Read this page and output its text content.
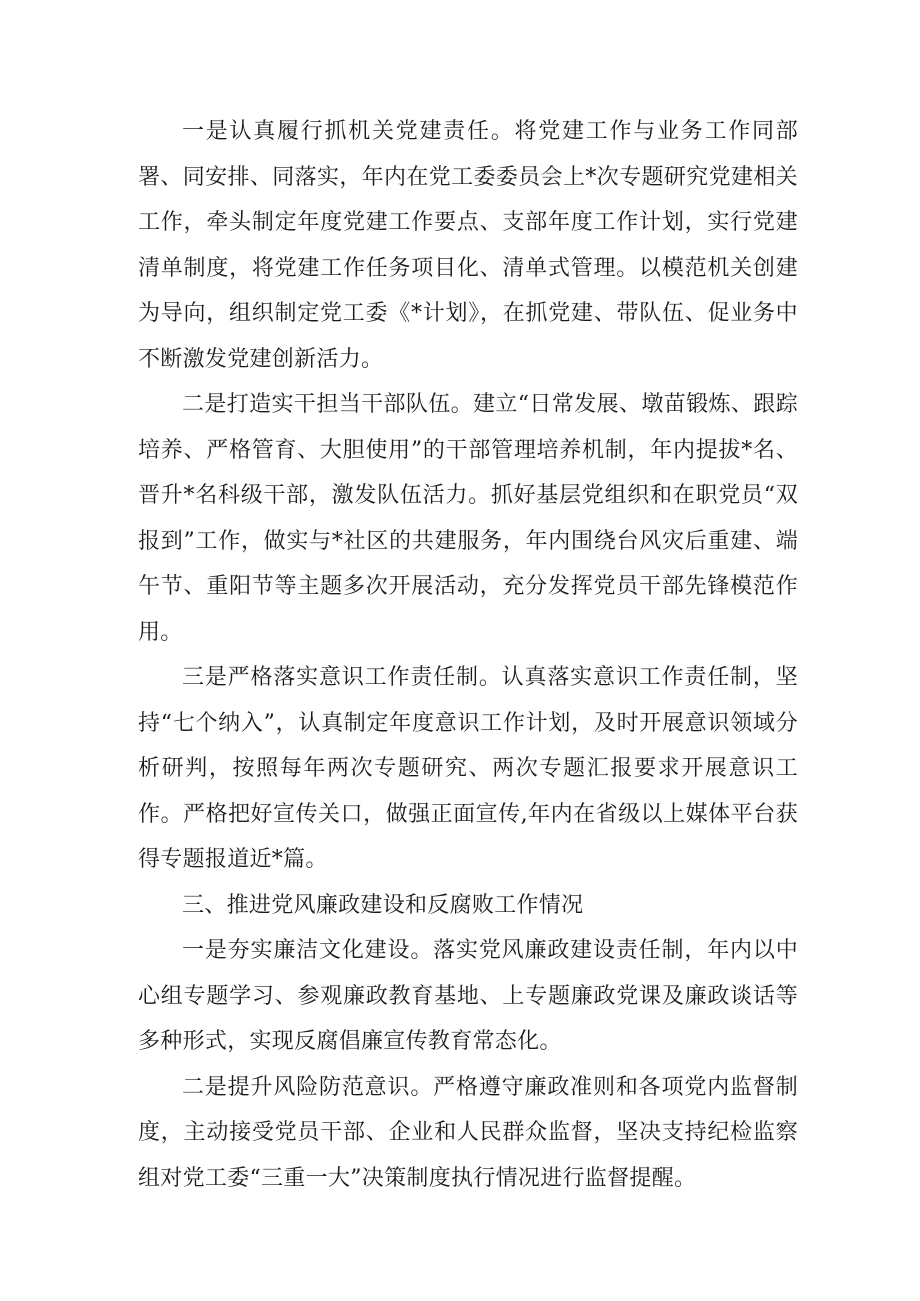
一是认真履行抓机关党建责任。将党建工作与业务工作同部署、同安排、同落实，年内在党工委委员会上*次专题研究党建相关工作，牵头制定年度党建工作要点、支部年度工作计划，实行党建清单制度，将党建工作任务项目化、清单式管理。以模范机关创建为导向，组织制定党工委《*计划》，在抓党建、带队伍、促业务中不断激发党建创新活力。

二是打造实干担当干部队伍。建立“日常发展、墩苗锻炼、跟踪培养、严格管育、大胆使用”的干部管理培养机制，年内提拔*名、晋升*名科级干部，激发队伍活力。抓好基层党组织和在职党员“双报到”工作，做实与*社区的共建服务，年内围绕台风灾后重建、端午节、重阳节等主题多次开展活动，充分发挥党员干部先锋模范作用。

三是严格落实意识工作责任制。认真落实意识工作责任制，坚持“七个纳入”，认真制定年度意识工作计划，及时开展意识领域分析研判，按照每年两次专题研究、两次专题汇报要求开展意识工作。严格把好宣传关口，做强正面宣传,年内在省级以上媒体平台获得专题报道近*篇。

三、推进党风廉政建设和反腐败工作情况

一是夯实廉洁文化建设。落实党风廉政建设责任制，年内以中心组专题学习、参观廉政教育基地、上专题廉政党课及廉政谈话等多种形式，实现反腐倡廉宣传教育常态化。

二是提升风险防范意识。严格遵守廉政准则和各项党内监督制度，主动接受党员干部、企业和人民群众监督，坚决支持纪检监察组对党工委“三重一大”决策制度执行情况进行监督提醒。
